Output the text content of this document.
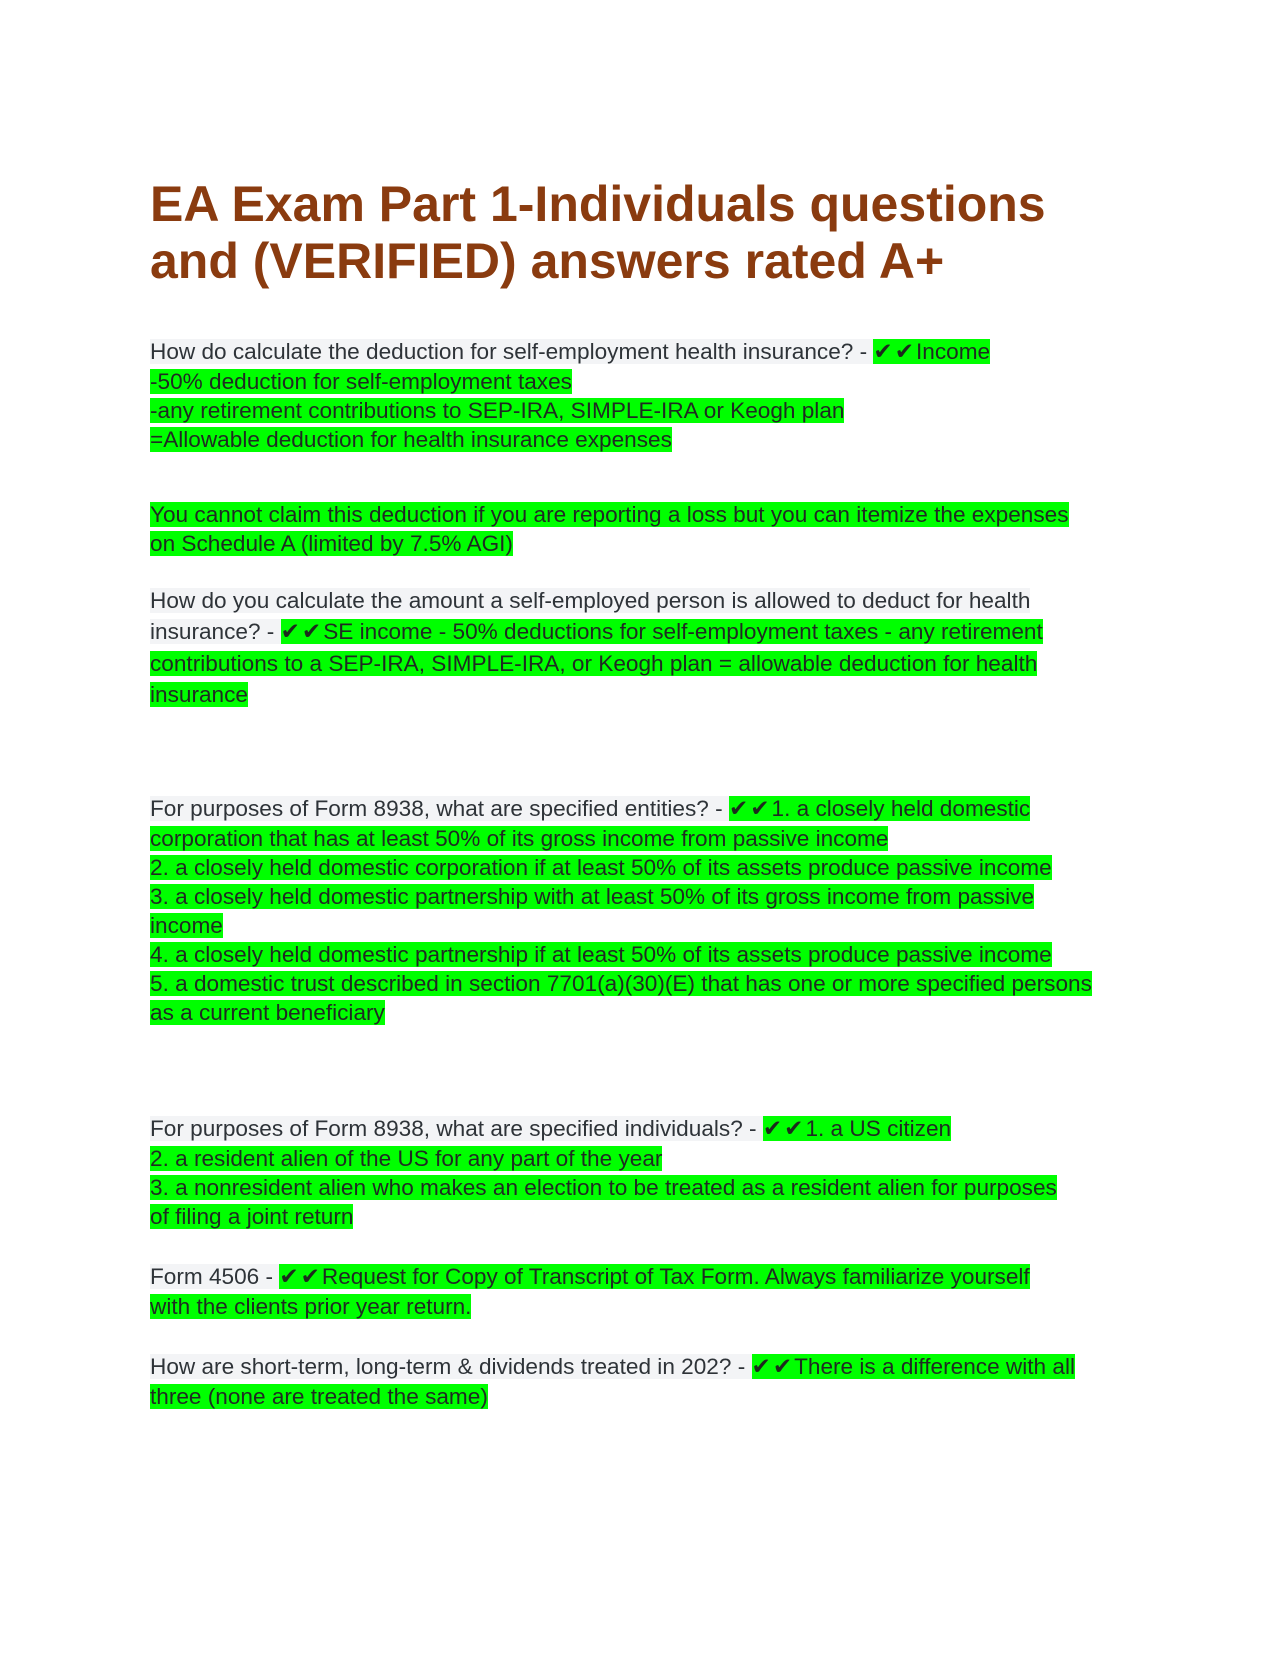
EA Exam Part 1-Individuals questions
and (VERIFIED) answers rated A+

How do calculate the deduction for self-employment health insurance? - ✔✔Income

-50% deduction for self-employment taxes

-any retirement contributions to SEP-IRA, SIMPLE-IRA or Keogh plan

=Allowable deduction for health insurance expenses

You cannot claim this deduction if you are reporting a loss but you can itemize the expenses on Schedule A (limited by 7.5% AGI)

How do you calculate the amount a self-employed person is allowed to deduct for health insurance? - ✔✔SE income - 50% deductions for self-employment taxes - any retirement contributions to a SEP-IRA, SIMPLE-IRA, or Keogh plan = allowable deduction for health insurance

For purposes of Form 8938, what are specified entities? - ✔✔1. a closely held domestic corporation that has at least 50% of its gross income from passive income

2. a closely held domestic corporation if at least 50% of its assets produce passive income

3. a closely held domestic partnership with at least 50% of its gross income from passive income

4. a closely held domestic partnership if at least 50% of its assets produce passive income

5. a domestic trust described in section 7701(a)(30)(E) that has one or more specified persons as a current beneficiary

For purposes of Form 8938, what are specified individuals? - ✔✔1. a US citizen

2. a resident alien of the US for any part of the year

3. a nonresident alien who makes an election to be treated as a resident alien for purposes of filing a joint return

Form 4506 - ✔✔Request for Copy of Transcript of Tax Form. Always familiarize yourself with the clients prior year return.

How are short-term, long-term & dividends treated in 202? - ✔✔There is a difference with all three (none are treated the same)
